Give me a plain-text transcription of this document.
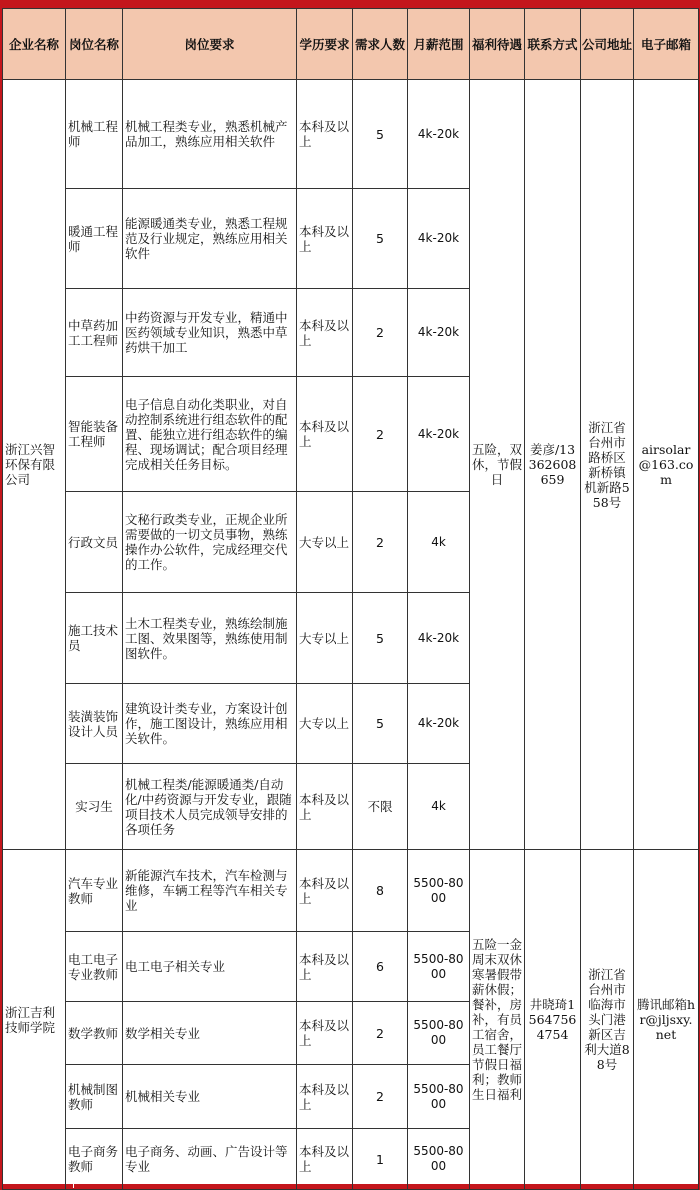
企业名称	岗位名称	岗位要求	学历要求	需求人数	月薪范围	福利待遇	联系方式	公司地址	电子邮箱
浙江兴智环保有限公司	机械工程师	机械工程类专业，熟悉机械产品加工，熟练应用相关软件	本科及以上	5	4k-20k	五险，双休，节假日	姜彦/13362608659	浙江省台州市路桥区新桥镇机新路558号	airsolar@163.com
	暖通工程师	能源暖通类专业，熟悉工程规范及行业规定，熟练应用相关软件	本科及以上	5	4k-20k				
	中草药加工工程师	中药资源与开发专业，精通中医药领域专业知识，熟悉中草药烘干加工	本科及以上	2	4k-20k				
	智能装备工程师	电子信息自动化类职业，对自动控制系统进行组态软件的配置、能独立进行组态软件的编程、现场调试；配合项目经理完成相关任务目标。	本科及以上	2	4k-20k				
	行政文员	文秘行政类专业，正规企业所需要做的一切文员事物，熟练操作办公软件，完成经理交代的工作。	大专以上	2	4k				
	施工技术员	土木工程类专业，熟练绘制施工图、效果图等，熟练使用制图软件。	大专以上	5	4k-20k				
	装潢装饰设计人员	建筑设计类专业，方案设计创作，施工图设计，熟练应用相关软件。	大专以上	5	4k-20k				
	实习生	机械工程类/能源暖通类/自动化/中药资源与开发专业，跟随项目技术人员完成领导安排的各项任务	本科及以上	不限	4k				
浙江吉利技师学院	汽车专业教师	新能源汽车技术，汽车检测与维修，车辆工程等汽车相关专业	本科及以上	8	5500-8000	五险一金周末双休寒暑假带薪休假；餐补，房补，有员工宿舍，员工餐厅节假日福利；教师生日福利	井晓琦15647564754	浙江省台州市临海市头门港新区吉利大道88号	腾讯邮箱hr@jljsxy.net
	电工电子专业教师	电工电子相关专业	本科及以上	6	5500-8000				
	数学教师	数学相关专业	本科及以上	2	5500-8000				
	机械制图教师	机械相关专业	本科及以上	2	5500-8000				
	电子商务教师	电子商务、动画、广告设计等专业	本科及以上	1	5500-8000				
